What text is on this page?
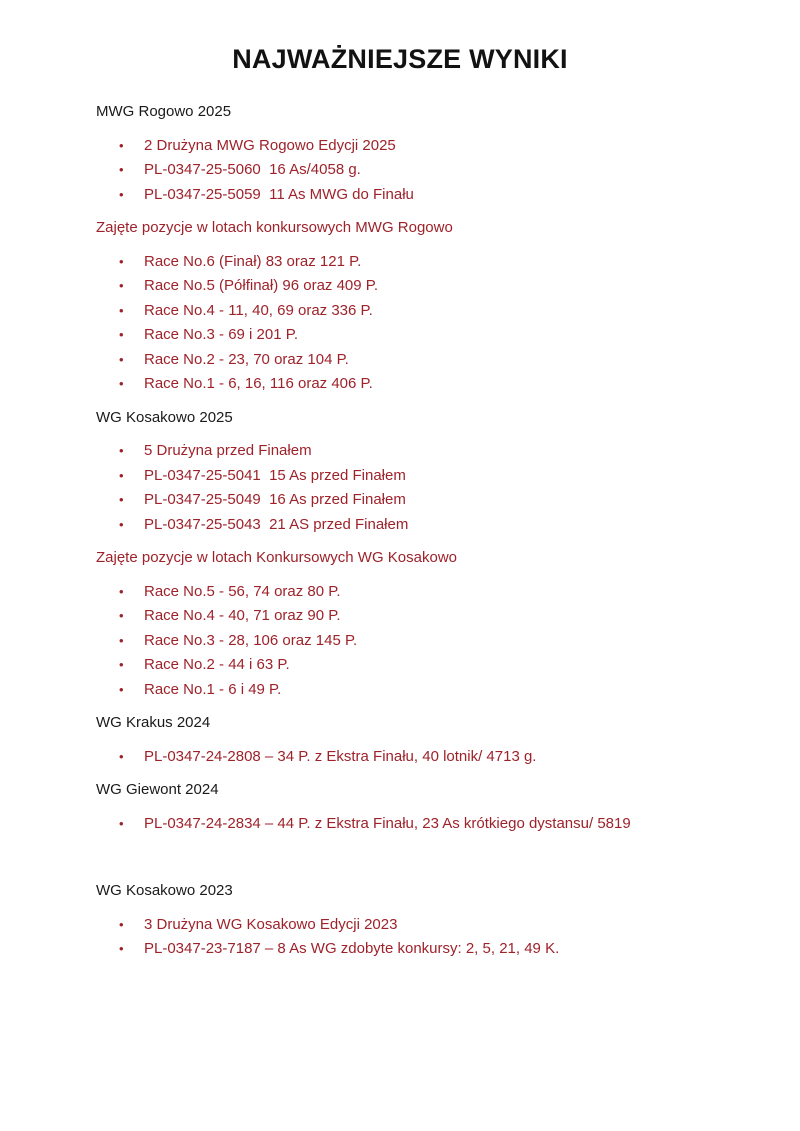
NAJWAŻNIEJSZE WYNIKI

MWG Rogowo 2025

• 2 Drużyna MWG Rogowo Edycji 2025
• PL-0347-25-5060  16 As/4058 g.
• PL-0347-25-5059  11 As MWG do Finału

Zajęte pozycje w lotach konkursowych MWG Rogowo

• Race No.6 (Finał) 83 oraz 121 P.
• Race No.5 (Półfinał) 96 oraz 409 P.
• Race No.4 - 11, 40, 69 oraz 336 P.
• Race No.3 - 69 i 201 P.
• Race No.2 - 23, 70 oraz 104 P.
• Race No.1 - 6, 16, 116 oraz 406 P.

WG Kosakowo 2025

• 5 Drużyna przed Finałem
• PL-0347-25-5041  15 As przed Finałem
• PL-0347-25-5049  16 As przed Finałem
• PL-0347-25-5043  21 AS przed Finałem

Zajęte pozycje w lotach Konkursowych WG Kosakowo

• Race No.5 - 56, 74 oraz 80 P.
• Race No.4 - 40, 71 oraz 90 P.
• Race No.3 - 28, 106 oraz 145 P.
• Race No.2 - 44 i 63 P.
• Race No.1 - 6 i 49 P.

WG Krakus 2024

• PL-0347-24-2808 – 34 P. z Ekstra Finału, 40 lotnik/ 4713 g.

WG Giewont 2024

• PL-0347-24-2834 – 44 P. z Ekstra Finału, 23 As krótkiego dystansu/ 5819

WG Kosakowo 2023

• 3 Drużyna WG Kosakowo Edycji 2023
• PL-0347-23-7187 – 8 As WG zdobyte konkursy: 2, 5, 21, 49 K.
